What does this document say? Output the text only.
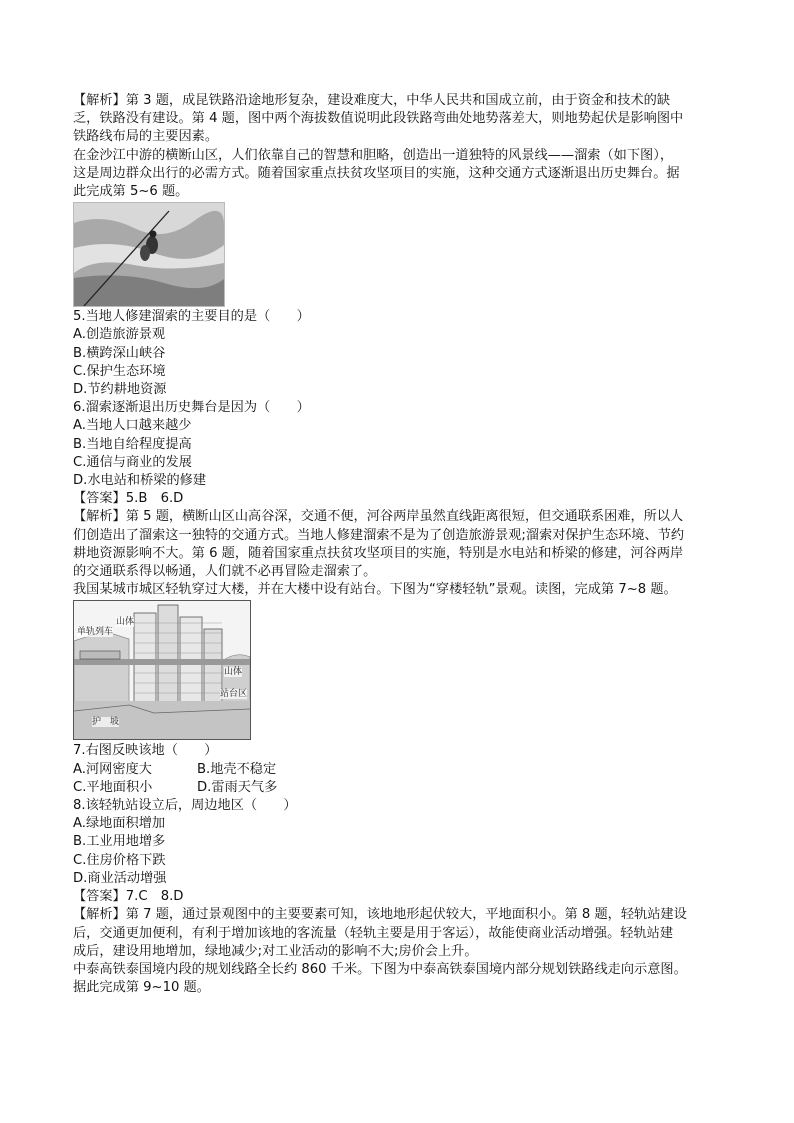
【解析】第 3 题，成昆铁路沿途地形复杂，建设难度大，中华人民共和国成立前，由于资金和技术的缺

乏，铁路没有建设。第 4 题，图中两个海拔数值说明此段铁路弯曲处地势落差大，则地势起伏是影响图中

铁路线布局的主要因素。

在金沙江中游的横断山区，人们依靠自己的智慧和胆略，创造出一道独特的风景线——溜索（如下图），

这是周边群众出行的必需方式。随着国家重点扶贫攻坚项目的实施，这种交通方式逐渐退出历史舞台。据

此完成第 5~6 题。

5.当地人修建溜索的主要目的是（　　）

A.创造旅游景观

B.横跨深山峡谷

C.保护生态环境

D.节约耕地资源

6.溜索逐渐退出历史舞台是因为（　　）

A.当地人口越来越少

B.当地自给程度提高

C.通信与商业的发展

D.水电站和桥梁的修建

【答案】5.B　6.D

【解析】第 5 题，横断山区山高谷深，交通不便，河谷两岸虽然直线距离很短，但交通联系困难，所以人

们创造出了溜索这一独特的交通方式。当地人修建溜索不是为了创造旅游景观;溜索对保护生态环境、节约

耕地资源影响不大。第 6 题，随着国家重点扶贫攻坚项目的实施，特别是水电站和桥梁的修建，河谷两岸

的交通联系得以畅通，人们就不必再冒险走溜索了。

我国某城市城区轻轨穿过大楼，并在大楼中设有站台。下图为“穿楼轻轨”景观。读图，完成第 7~8 题。

单轨列车
山体
山体
站台区
护　坡

7.右图反映该地（　　）

A.河网密度大	B.地壳不稳定

C.平地面积小	D.雷雨天气多

8.该轻轨站设立后，周边地区（　　）

A.绿地面积增加

B.工业用地增多

C.住房价格下跌

D.商业活动增强

【答案】7.C　8.D

【解析】第 7 题，通过景观图中的主要要素可知，该地地形起伏较大，平地面积小。第 8 题，轻轨站建设

后，交通更加便利，有利于增加该地的客流量（轻轨主要是用于客运），故能使商业活动增强。轻轨站建

成后，建设用地增加，绿地减少;对工业活动的影响不大;房价会上升。

中泰高铁泰国境内段的规划线路全长约 860 千米。下图为中泰高铁泰国境内部分规划铁路线走向示意图。

据此完成第 9~10 题。
